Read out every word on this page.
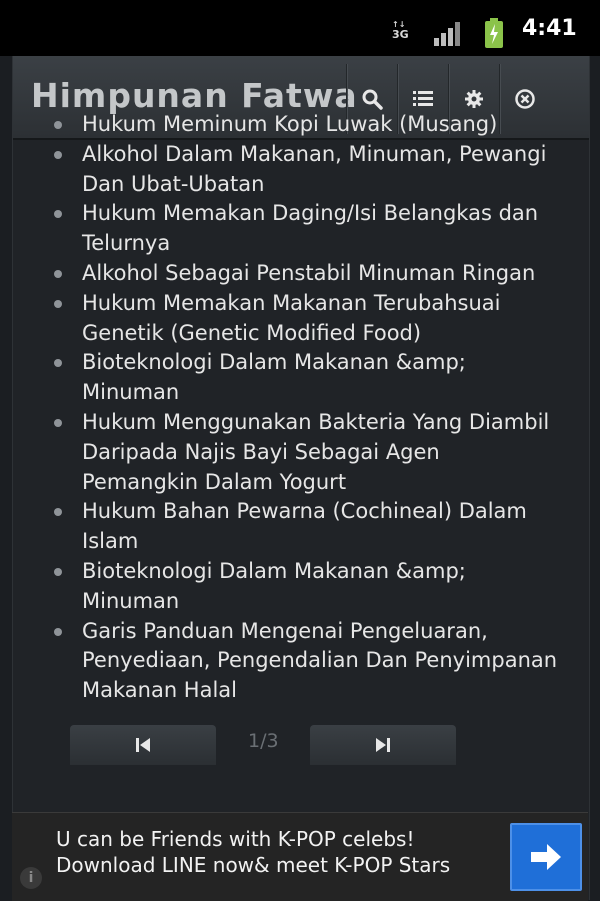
↑↓
3G	4:41
Himpunan Fatwa
Hukum Meminum Kopi Luwak (Musang)
Alkohol Dalam Makanan, Minuman, Pewangi Dan Ubat-Ubatan
Hukum Memakan Daging/Isi Belangkas dan Telurnya
Alkohol Sebagai Penstabil Minuman Ringan
Hukum Memakan Makanan Terubahsuai Genetik (Genetic Modified Food)
Bioteknologi Dalam Makanan &amp; Minuman
Hukum Menggunakan Bakteria Yang Diambil Daripada Najis Bayi Sebagai Agen Pemangkin Dalam Yogurt
Hukum Bahan Pewarna (Cochineal) Dalam Islam
Bioteknologi Dalam Makanan &amp; Minuman
Garis Panduan Mengenai Pengeluaran, Penyediaan, Pengendalian Dan Penyimpanan Makanan Halal
1/3
U can be Friends with K-POP celebs!
Download LINE now& meet K-POP Stars
i
